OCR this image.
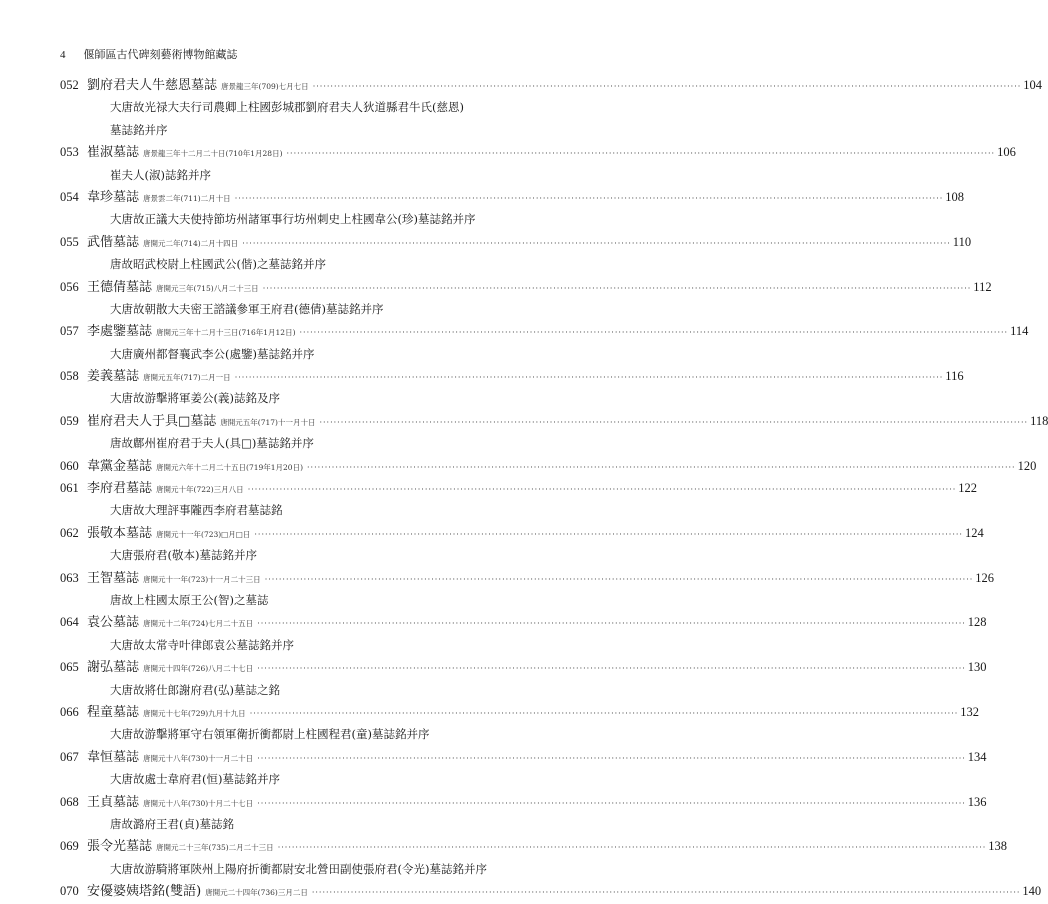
4 偃師區古代碑刻藝術博物館藏誌
052 劉府君夫人牛慈恩墓誌 唐景龍三年(709)七月七日 ········································································································································································································ 104
大唐故光禄大夫行司農卿上柱國彭城郡劉府君夫人狄道縣君牛氏(慈恩)
墓誌銘并序
053 崔淑墓誌 唐景龍三年十二月二十日(710年1月28日) ········································································································································································································ 106
崔夫人(淑)誌銘并序
054 韋珍墓誌 唐景雲二年(711)二月十日 ········································································································································································································ 108
大唐故正議大夫使持節坊州諸軍事行坊州刺史上柱國韋公(珍)墓誌銘并序
055 武偕墓誌 唐開元二年(714)二月十四日 ········································································································································································································ 110
唐故昭武校尉上柱國武公(偕)之墓誌銘并序
056 王德倩墓誌 唐開元三年(715)八月二十三日 ········································································································································································································ 112
大唐故朝散大夫密王諮議參軍王府君(德倩)墓誌銘并序
057 李處鑒墓誌 唐開元三年十二月十三日(716年1月12日) ········································································································································································································ 114
大唐廣州都督襄武李公(處鑒)墓誌銘并序
058 姜義墓誌 唐開元五年(717)二月一日 ········································································································································································································ 116
大唐故游擊將軍姜公(義)誌銘及序
059 崔府君夫人于具□墓誌 唐開元五年(717)十一月十日 ········································································································································································································ 118
唐故鄜州崔府君于夫人(具□)墓誌銘并序
060 韋黨金墓誌 唐開元六年十二月二十五日(719年1月20日) ········································································································································································································ 120
061 李府君墓誌 唐開元十年(722)三月八日 ········································································································································································································ 122
大唐故大理評事隴西李府君墓誌銘
062 張敬本墓誌 唐開元十一年(723)□月□日 ········································································································································································································ 124
大唐張府君(敬本)墓誌銘并序
063 王智墓誌 唐開元十一年(723)十一月二十三日 ········································································································································································································ 126
唐故上柱國太原王公(智)之墓誌
064 袁公墓誌 唐開元十二年(724)七月二十五日 ········································································································································································································ 128
大唐故太常寺叶律郎袁公墓誌銘并序
065 謝弘墓誌 唐開元十四年(726)八月二十七日 ········································································································································································································ 130
大唐故將仕郎謝府君(弘)墓誌之銘
066 程童墓誌 唐開元十七年(729)九月十九日 ········································································································································································································ 132
大唐故游擊將軍守右領軍衛折衝都尉上柱國程君(童)墓誌銘并序
067 韋恒墓誌 唐開元十八年(730)十一月二十日 ········································································································································································································ 134
大唐故處士韋府君(恒)墓誌銘并序
068 王貞墓誌 唐開元十八年(730)十月二十七日 ········································································································································································································ 136
唐故潞府王君(貞)墓誌銘
069 張令光墓誌 唐開元二十三年(735)二月二十三日 ········································································································································································································ 138
大唐故游騎將軍陝州上陽府折衝都尉安北營田副使張府君(令光)墓誌銘并序
070 安優婆姨塔銘(雙語) 唐開元二十四年(736)三月二日 ········································································································································································································ 140
